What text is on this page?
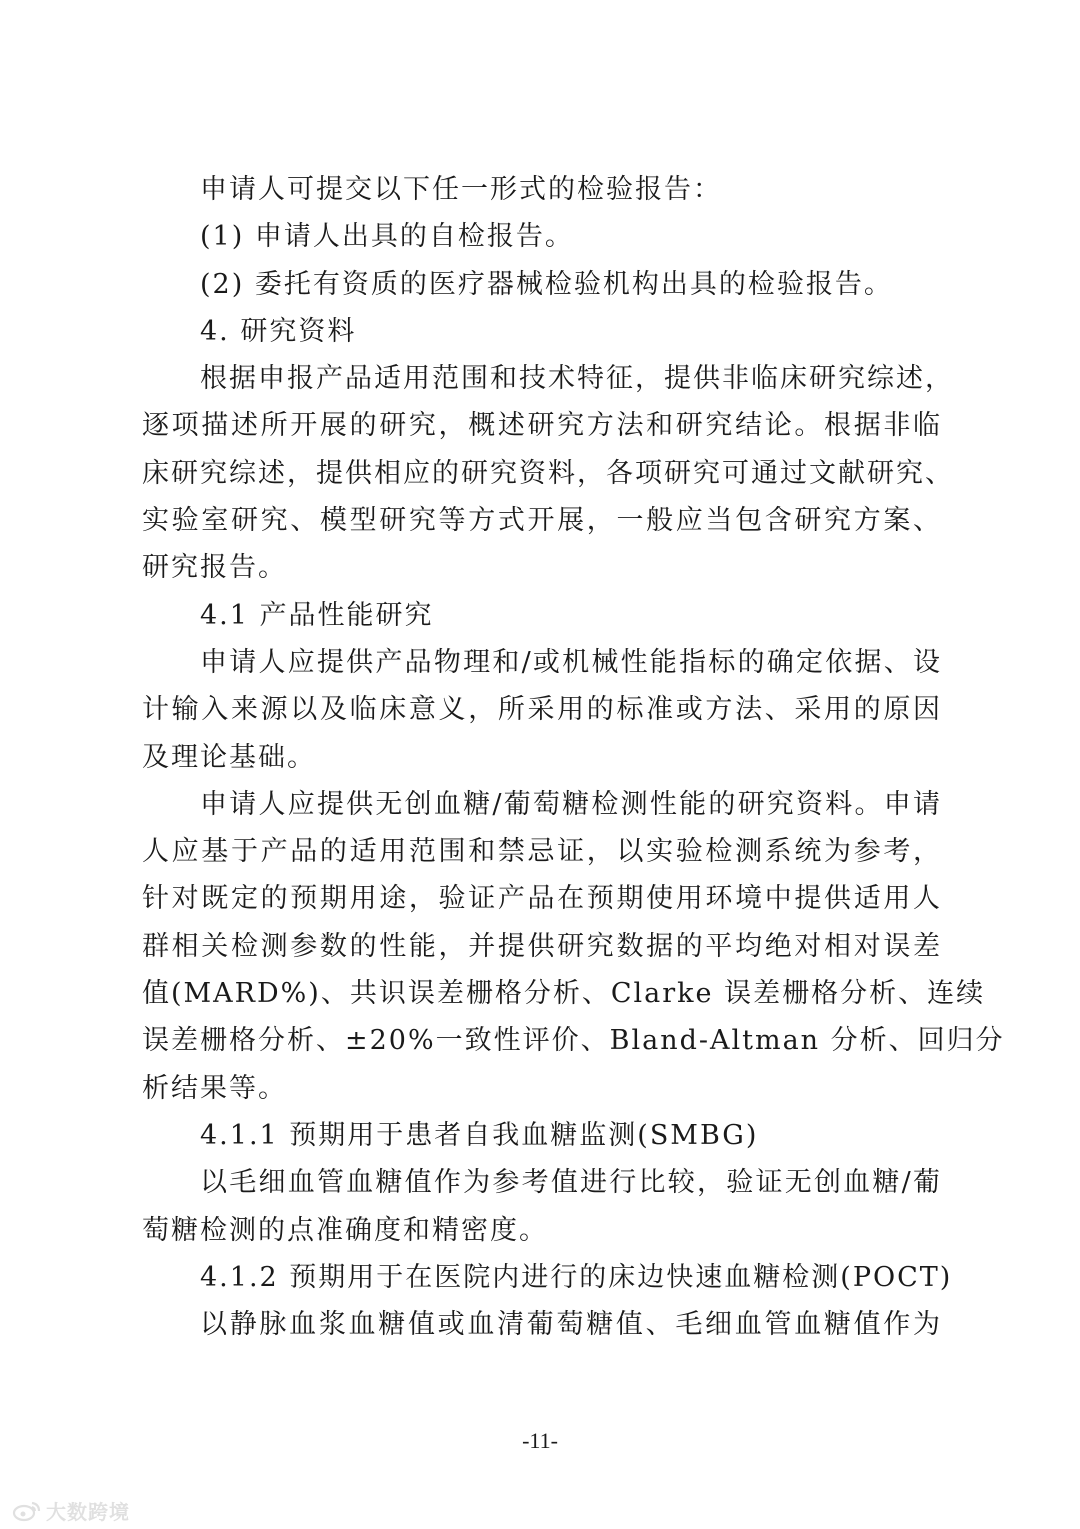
申请人可提交以下任一形式的检验报告：
(1) 申请人出具的自检报告。
(2) 委托有资质的医疗器械检验机构出具的检验报告。
4. 研究资料
根据申报产品适用范围和技术特征，提供非临床研究综述，
逐项描述所开展的研究，概述研究方法和研究结论。根据非临
床研究综述，提供相应的研究资料，各项研究可通过文献研究、
实验室研究、模型研究等方式开展，一般应当包含研究方案、
研究报告。
4.1 产品性能研究
申请人应提供产品物理和/或机械性能指标的确定依据、设
计输入来源以及临床意义，所采用的标准或方法、采用的原因
及理论基础。
申请人应提供无创血糖/葡萄糖检测性能的研究资料。申请
人应基于产品的适用范围和禁忌证，以实验检测系统为参考，
针对既定的预期用途，验证产品在预期使用环境中提供适用人
群相关检测参数的性能，并提供研究数据的平均绝对相对误差
值(MARD%)、共识误差栅格分析、Clarke 误差栅格分析、连续
误差栅格分析、±20%一致性评价、Bland-Altman 分析、回归分
析结果等。
4.1.1 预期用于患者自我血糖监测(SMBG)
以毛细血管血糖值作为参考值进行比较，验证无创血糖/葡
萄糖检测的点准确度和精密度。
4.1.2 预期用于在医院内进行的床边快速血糖检测(POCT)
以静脉血浆血糖值或血清葡萄糖值、毛细血管血糖值作为
-11-
大数跨境
